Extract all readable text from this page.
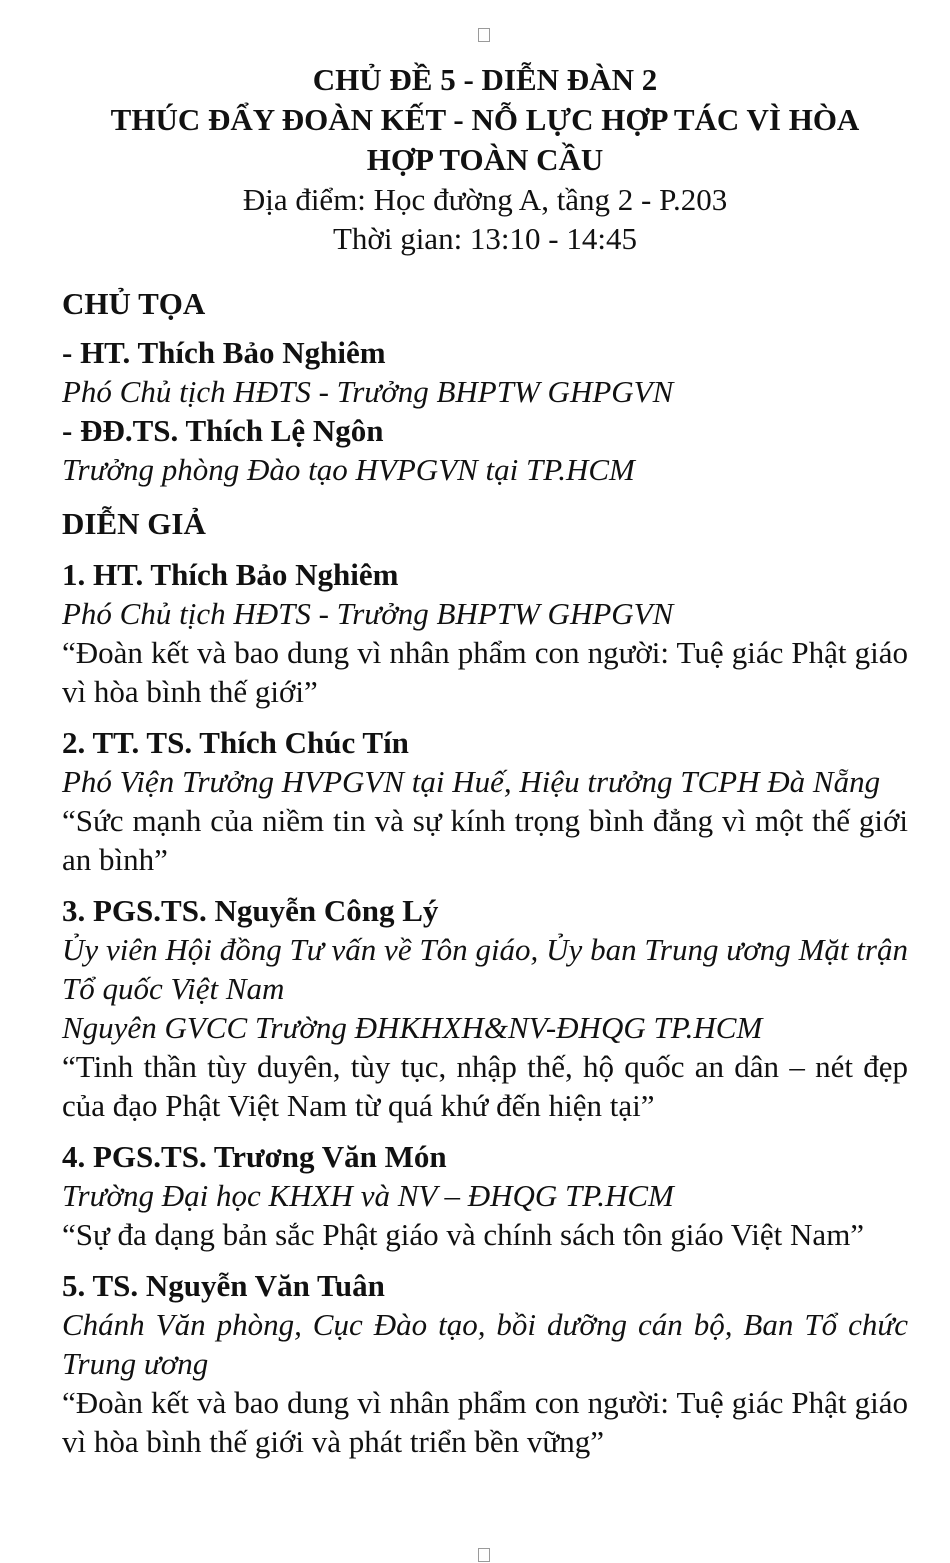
CHỦ ĐỀ 5 - DIỄN ĐÀN 2

THÚC ĐẨY ĐOÀN KẾT - NỖ LỰC HỢP TÁC VÌ HÒA

HỢP TOÀN CẦU

Địa điểm: Học đường A, tầng 2 - P.203

Thời gian: 13:10 - 14:45

CHỦ TỌA
- HT. Thích Bảo Nghiêm
Phó Chủ tịch HĐTS - Trưởng BHPTW GHPGVN
- ĐĐ.TS. Thích Lệ Ngôn
Trưởng phòng Đào tạo HVPGVN tại TP.HCM
DIỄN GIẢ
1. HT. Thích Bảo Nghiêm
Phó Chủ tịch HĐTS - Trưởng BHPTW GHPGVN
“Đoàn kết và bao dung vì nhân phẩm con người: Tuệ giác Phật giáo vì hòa bình thế giới”
2. TT. TS. Thích Chúc Tín
Phó Viện Trưởng HVPGVN tại Huế, Hiệu trưởng TCPH Đà Nẵng
“Sức mạnh của niềm tin và sự kính trọng bình đẳng vì một thế giới an bình”
3. PGS.TS. Nguyễn Công Lý
Ủy viên Hội đồng Tư vấn về Tôn giáo, Ủy ban Trung ương Mặt trận Tổ quốc Việt Nam
Nguyên GVCC Trường ĐHKHXH&NV-ĐHQG TP.HCM
“Tinh thần tùy duyên, tùy tục, nhập thế, hộ quốc an dân – nét đẹp của đạo Phật Việt Nam từ quá khứ đến hiện tại”
4. PGS.TS. Trương Văn Món
Trường Đại học KHXH và NV – ĐHQG TP.HCM
“Sự đa dạng bản sắc Phật giáo và chính sách tôn giáo Việt Nam”
5. TS. Nguyễn Văn Tuân
Chánh Văn phòng, Cục Đào tạo, bồi dưỡng cán bộ, Ban Tổ chức Trung ương
“Đoàn kết và bao dung vì nhân phẩm con người: Tuệ giác Phật giáo vì hòa bình thế giới và phát triển bền vững”
